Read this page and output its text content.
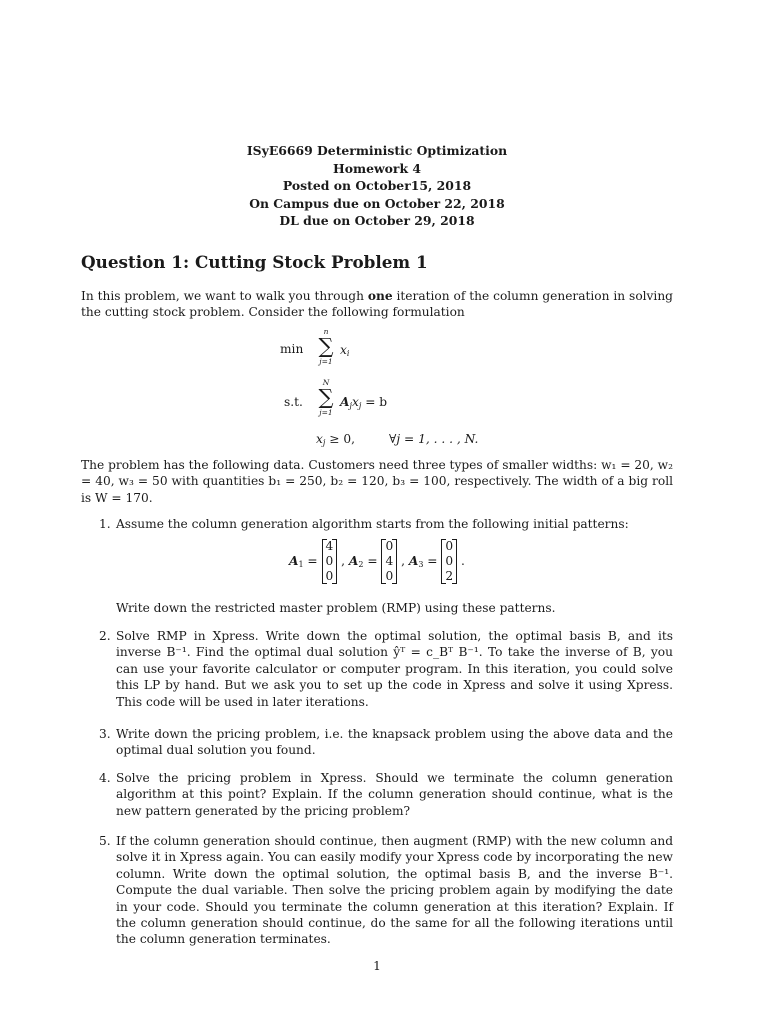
ISyE6669 Deterministic Optimization
Homework 4
Posted on October15, 2018
On Campus due on October 22, 2018
DL due on October 29, 2018
Question 1: Cutting Stock Problem 1
In this problem, we want to walk you through one iteration of the column generation in solving the cutting stock problem. Consider the following formulation
min
n
∑
j=1
$x_i$
s.t.
N
∑
j=1
$A_jx_j = b$
$x_j \ge 0$,	∀j = 1, . . . , N.
The problem has the following data. Customers need three types of smaller widths: w₁ = 20, w₂ = 40, w₃ = 50 with quantities b₁ = 250, b₂ = 120, b₃ = 100, respectively. The width of a big roll is W = 170.
1. Assume the column generation algorithm starts from the following initial patterns:
$A_1$ =
4
0
0
, $A_2$ =
0
4
0
, $A_3$ =
0
0
2
.
Write down the restricted master problem (RMP) using these patterns.
2. Solve RMP in Xpress. Write down the optimal solution, the optimal basis B, and its inverse B⁻¹. Find the optimal dual solution ŷᵀ = c_Bᵀ B⁻¹. To take the inverse of B, you can use your favorite calculator or computer program. In this iteration, you could solve this LP by hand. But we ask you to set up the code in Xpress and solve it using Xpress. This code will be used in later iterations.
3. Write down the pricing problem, i.e. the knapsack problem using the above data and the optimal dual solution you found.
4. Solve the pricing problem in Xpress. Should we terminate the column generation algorithm at this point? Explain. If the column generation should continue, what is the new pattern generated by the pricing problem?
5. If the column generation should continue, then augment (RMP) with the new column and solve it in Xpress again. You can easily modify your Xpress code by incorporating the new column. Write down the optimal solution, the optimal basis B, and the inverse B⁻¹. Compute the dual variable. Then solve the pricing problem again by modifying the date in your code. Should you terminate the column generation at this iteration? Explain. If the column generation should continue, do the same for all the following iterations until the column generation terminates.
1
